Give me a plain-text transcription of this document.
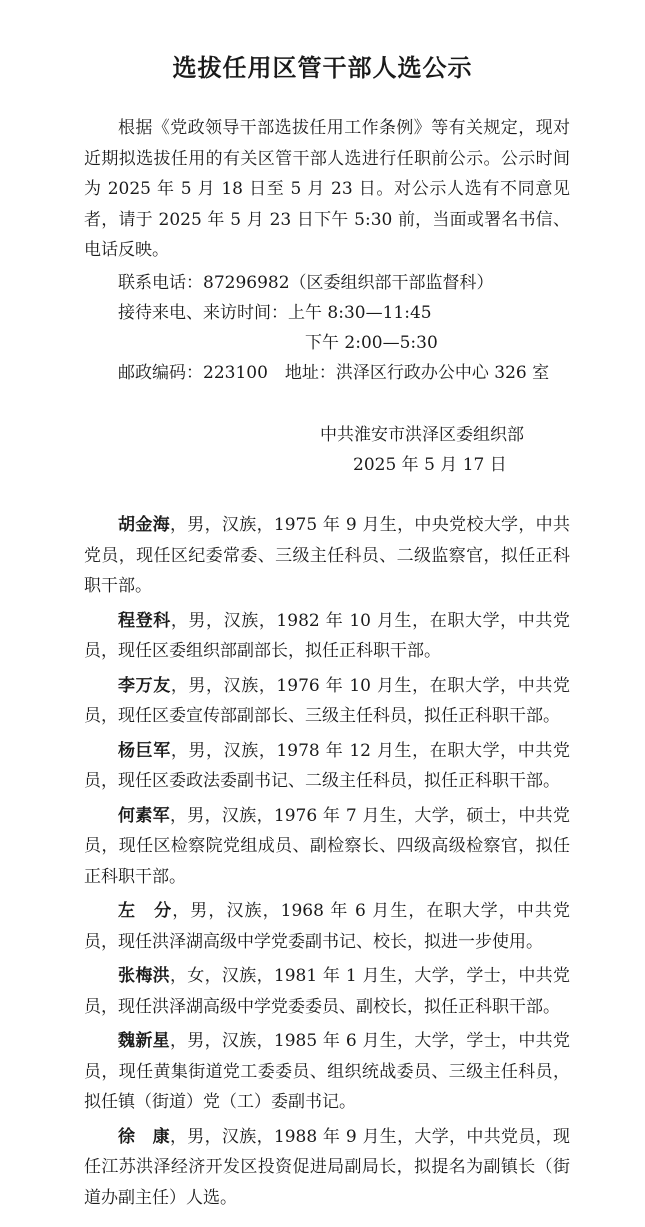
选拔任用区管干部人选公示

根据《党政领导干部选拔任用工作条例》等有关规定，现对近期拟选拔任用的有关区管干部人选进行任职前公示。公示时间为 2025 年 5 月 18 日至 5 月 23 日。对公示人选有不同意见者，请于 2025 年 5 月 23 日下午 5:30 前，当面或署名书信、电话反映。

联系电话：87296982（区委组织部干部监督科）

接待来电、来访时间：上午 8:30—11:45

下午 2:00—5:30

邮政编码：223100　地址：洪泽区行政办公中心 326 室

中共淮安市洪泽区委组织部

2025 年 5 月 17 日

胡金海，男，汉族，1975 年 9 月生，中央党校大学，中共党员，现任区纪委常委、三级主任科员、二级监察官，拟任正科职干部。

程登科，男，汉族，1982 年 10 月生，在职大学，中共党员，现任区委组织部副部长，拟任正科职干部。

李万友，男，汉族，1976 年 10 月生，在职大学，中共党员，现任区委宣传部副部长、三级主任科员，拟任正科职干部。

杨巨军，男，汉族，1978 年 12 月生，在职大学，中共党员，现任区委政法委副书记、二级主任科员，拟任正科职干部。

何素军，男，汉族，1976 年 7 月生，大学，硕士，中共党员，现任区检察院党组成员、副检察长、四级高级检察官，拟任正科职干部。

左　分，男，汉族，1968 年 6 月生，在职大学，中共党员，现任洪泽湖高级中学党委副书记、校长，拟进一步使用。

张梅洪，女，汉族，1981 年 1 月生，大学，学士，中共党员，现任洪泽湖高级中学党委委员、副校长，拟任正科职干部。

魏新星，男，汉族，1985 年 6 月生，大学，学士，中共党员，现任黄集街道党工委委员、组织统战委员、三级主任科员，拟任镇（街道）党（工）委副书记。

徐　康，男，汉族，1988 年 9 月生，大学，中共党员，现任江苏洪泽经济开发区投资促进局副局长，拟提名为副镇长（街道办副主任）人选。
